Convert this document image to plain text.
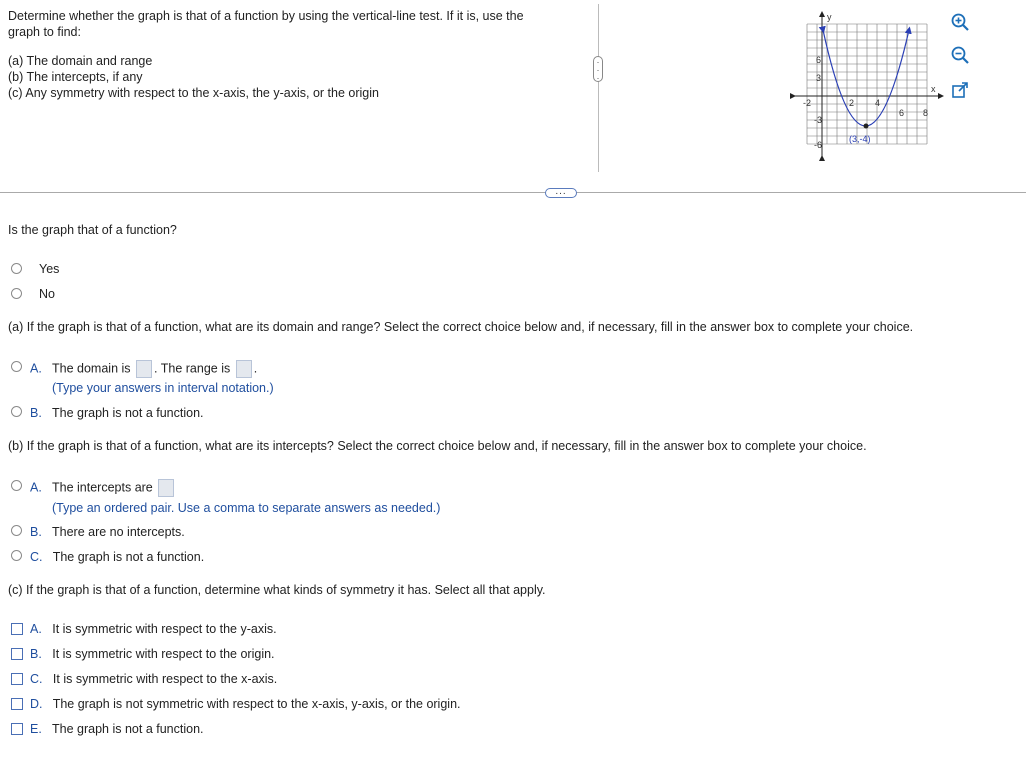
Determine whether the graph is that of a function by using the vertical-line test. If it is, use the
graph to find:
(a) The domain and range
(b) The intercepts, if any
(c) Any symmetry with respect to the x-axis, the y-axis, or the origin
·
·
·
y
x
6
3
-3
-6
-2	2 4
6 8
(3,-4)
...
Is the graph that of a function?
Yes
No
(a) If the graph is that of a function, what are its domain and range? Select the correct choice below and, if necessary, fill in the answer box to complete your choice.
A. The domain is . The range is .
(Type your answers in interval notation.)
B. The graph is not a function.
(b) If the graph is that of a function, what are its intercepts? Select the correct choice below and, if necessary, fill in the answer box to complete your choice.
A. The intercepts are
(Type an ordered pair. Use a comma to separate answers as needed.)
B. There are no intercepts.
C. The graph is not a function.
(c) If the graph is that of a function, determine what kinds of symmetry it has. Select all that apply.
A. It is symmetric with respect to the y-axis.
B. It is symmetric with respect to the origin.
C. It is symmetric with respect to the x-axis.
D. The graph is not symmetric with respect to the x-axis, y-axis, or the origin.
E. The graph is not a function.
